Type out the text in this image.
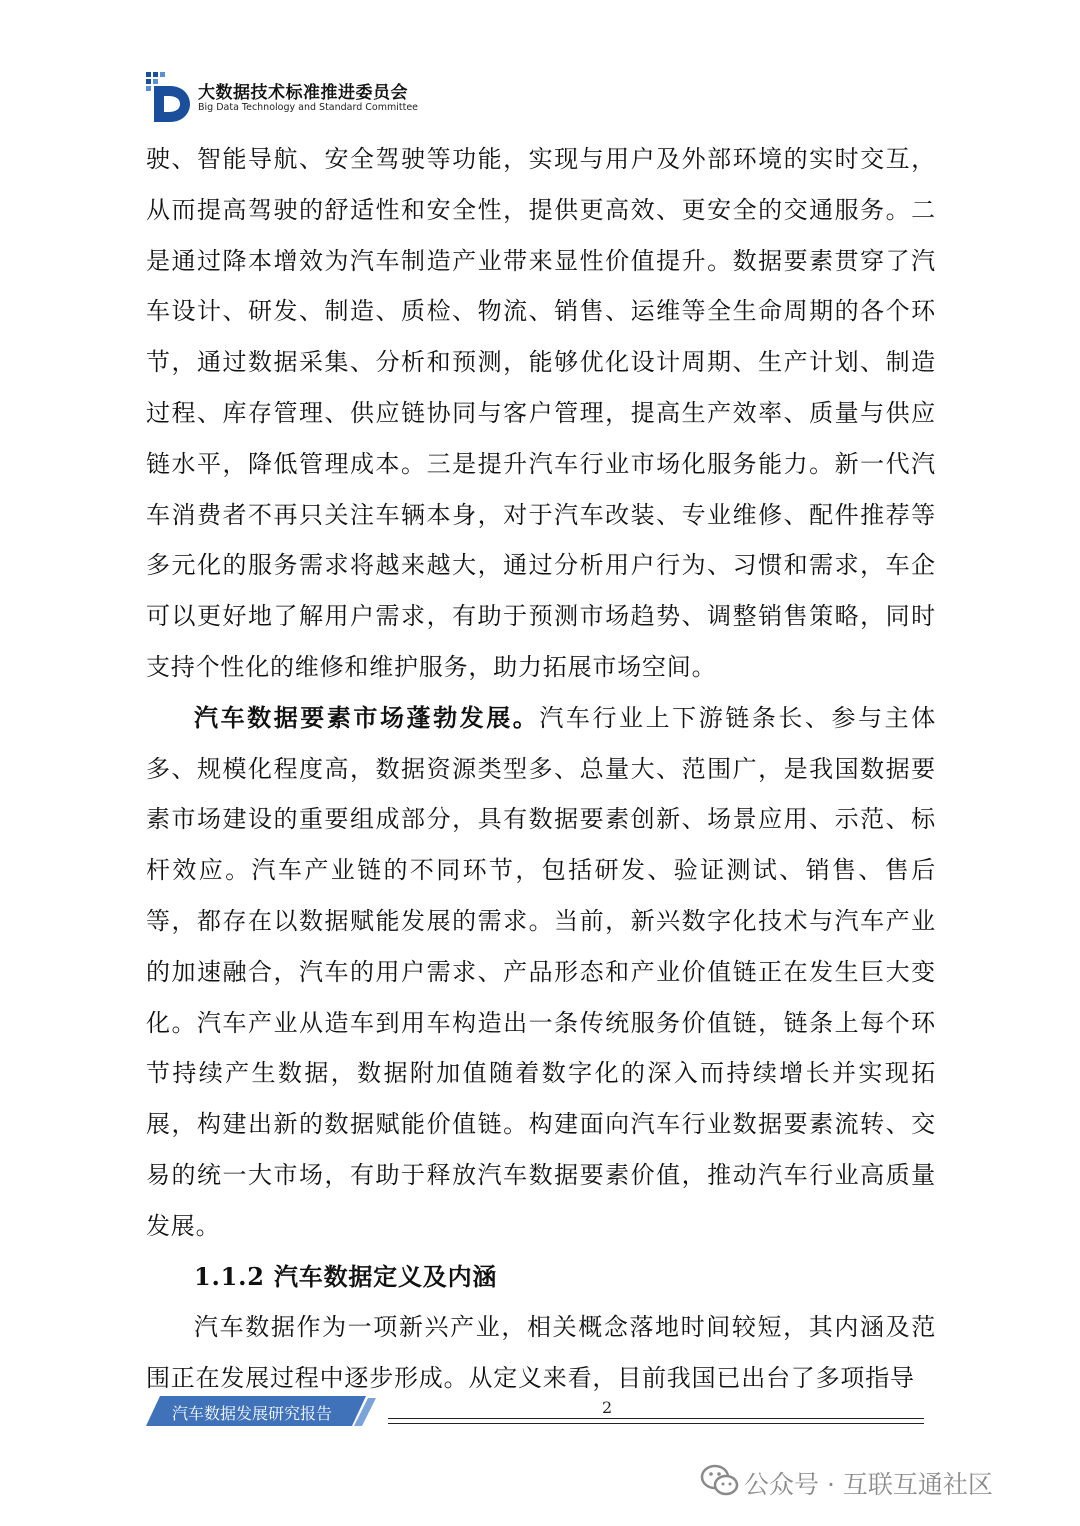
大数据技术标准推进委员会
Big Data Technology and Standard Committee

驶、智能导航、安全驾驶等功能，实现与用户及外部环境的实时交互，从而提高驾驶的舒适性和安全性，提供更高效、更安全的交通服务。二是通过降本增效为汽车制造产业带来显性价值提升。数据要素贯穿了汽车设计、研发、制造、质检、物流、销售、运维等全生命周期的各个环节，通过数据采集、分析和预测，能够优化设计周期、生产计划、制造过程、库存管理、供应链协同与客户管理，提高生产效率、质量与供应链水平，降低管理成本。三是提升汽车行业市场化服务能力。新一代汽车消费者不再只关注车辆本身，对于汽车改装、专业维修、配件推荐等多元化的服务需求将越来越大，通过分析用户行为、习惯和需求，车企可以更好地了解用户需求，有助于预测市场趋势、调整销售策略，同时支持个性化的维修和维护服务，助力拓展市场空间。

汽车数据要素市场蓬勃发展。汽车行业上下游链条长、参与主体多、规模化程度高，数据资源类型多、总量大、范围广，是我国数据要素市场建设的重要组成部分，具有数据要素创新、场景应用、示范、标杆效应。汽车产业链的不同环节，包括研发、验证测试、销售、售后等，都存在以数据赋能发展的需求。当前，新兴数字化技术与汽车产业的加速融合，汽车的用户需求、产品形态和产业价值链正在发生巨大变化。汽车产业从造车到用车构造出一条传统服务价值链，链条上每个环节持续产生数据，数据附加值随着数字化的深入而持续增长并实现拓展，构建出新的数据赋能价值链。构建面向汽车行业数据要素流转、交易的统一大市场，有助于释放汽车数据要素价值，推动汽车行业高质量发展。

1.1.2 汽车数据定义及内涵

汽车数据作为一项新兴产业，相关概念落地时间较短，其内涵及范围正在发展过程中逐步形成。从定义来看，目前我国已出台了多项指导

汽车数据发展研究报告	2
公众号 · 互联互通社区
